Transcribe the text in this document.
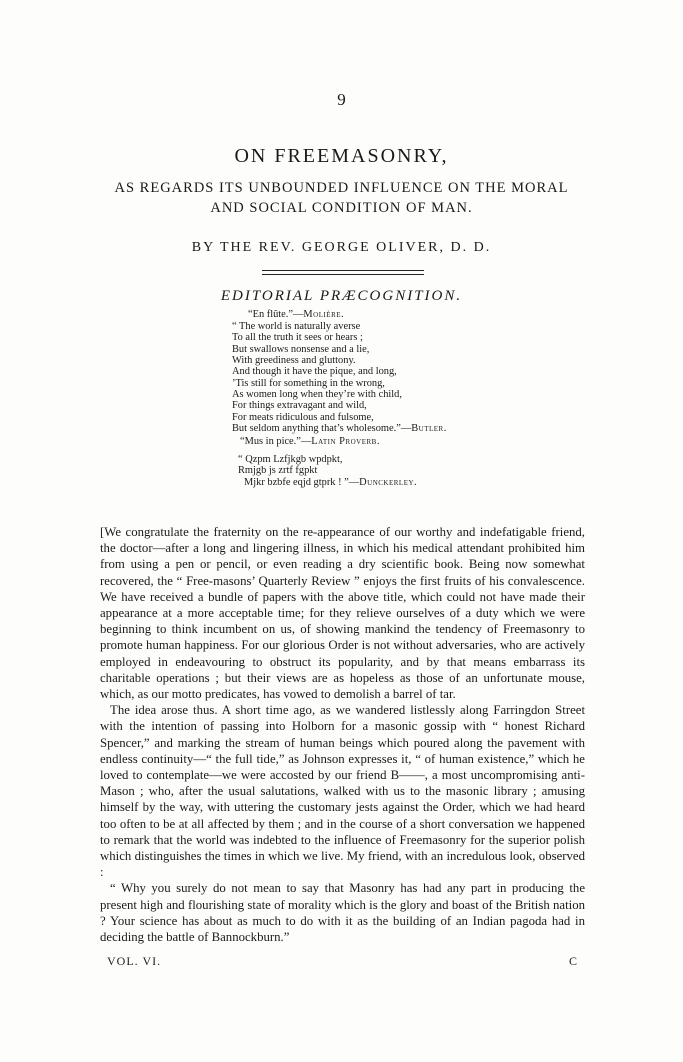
9
ON FREEMASONRY,
AS REGARDS ITS UNBOUNDED INFLUENCE ON THE MORAL
AND SOCIAL CONDITION OF MAN.
BY THE REV. GEORGE OLIVER, D. D.
EDITORIAL PRÆCOGNITION.
“En flûte.”—Molière.
“ The world is naturally averse
To all the truth it sees or hears ;
But swallows nonsense and a lie,
With greediness and gluttony.
And though it have the pique, and long,
’Tis still for something in the wrong,
As women long when they’re with child,
For things extravagant and wild,
For meats ridiculous and fulsome,
But seldom anything that’s wholesome.”—Butler.
“Mus in pice.”—Latin Proverb.
“ Qzpm Lzfjkgb wpdpkt,
Rmjgb js zrtf fgpkt
Mjkr bzbfe eqjd gtprk ! ”—Dunckerley.

[We congratulate the fraternity on the re-appearance of our worthy and indefatigable friend, the doctor—after a long and lingering illness, in which his medical attendant prohibited him from using a pen or pencil, or even reading a dry scientific book. Being now somewhat recovered, the “ Free-masons’ Quarterly Review ” enjoys the first fruits of his convalescence. We have received a bundle of papers with the above title, which could not have made their appearance at a more acceptable time; for they relieve ourselves of a duty which we were beginning to think incumbent on us, of showing mankind the tendency of Freemasonry to promote human happiness. For our glorious Order is not without adversaries, who are actively employed in endeavouring to obstruct its popularity, and by that means embarrass its charitable operations ; but their views are as hopeless as those of an unfortunate mouse, which, as our motto predicates, has vowed to demolish a barrel of tar.

The idea arose thus. A short time ago, as we wandered listlessly along Farringdon Street with the intention of passing into Holborn for a masonic gossip with “ honest Richard Spencer,” and marking the stream of human beings which poured along the pavement with endless continuity—“ the full tide,” as Johnson expresses it, “ of human existence,” which he loved to contemplate—we were accosted by our friend B——, a most uncompromising anti-Mason ; who, after the usual salutations, walked with us to the masonic library ; amusing himself by the way, with uttering the customary jests against the Order, which we had heard too often to be at all affected by them ; and in the course of a short conversation we happened to remark that the world was indebted to the influence of Freemasonry for the superior polish which distinguishes the times in which we live. My friend, with an incredulous look, observed :

“ Why you surely do not mean to say that Masonry has had any part in producing the present high and flourishing state of morality which is the glory and boast of the British nation ? Your science has about as much to do with it as the building of an Indian pagoda had in deciding the battle of Bannockburn.”

VOL. VI.	C
